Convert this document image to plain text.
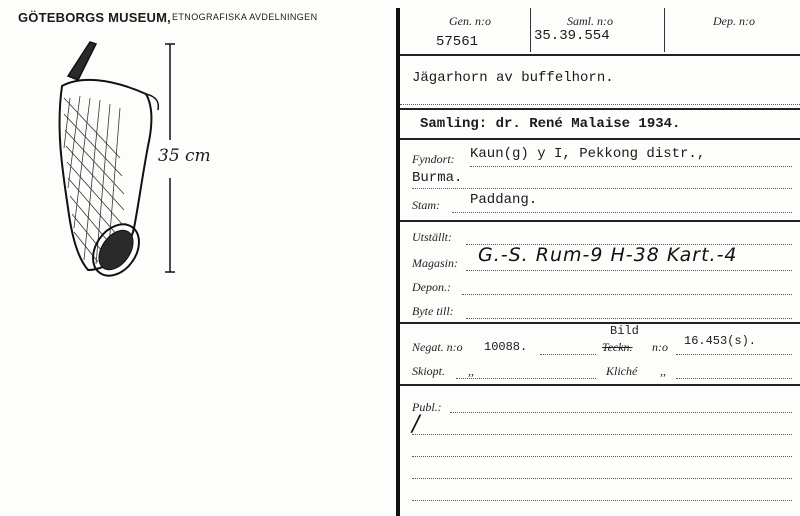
GÖTEBORGS MUSEUM, ETNOGRAFISKA AVDELNINGEN
35 cm
Gen. n:o
57561
Saml. n:o
35.39.554
Dep. n:o
Jägarhorn av buffelhorn.
Samling: dr. René Malaise 1934.
Fyndort: Kaun(g) y I, Pekkong distr.,
Burma.
Stam: Paddang.
Utställt:
Magasin: G.-S. Rum-9 H-38 Kart.-4
Depon.:
Byte till:
Negat. n:o 10088.
Bild
Teckn. n:o 16.453(s).
Skiopt. ,,	Kliché ,,
Publ.:
/
